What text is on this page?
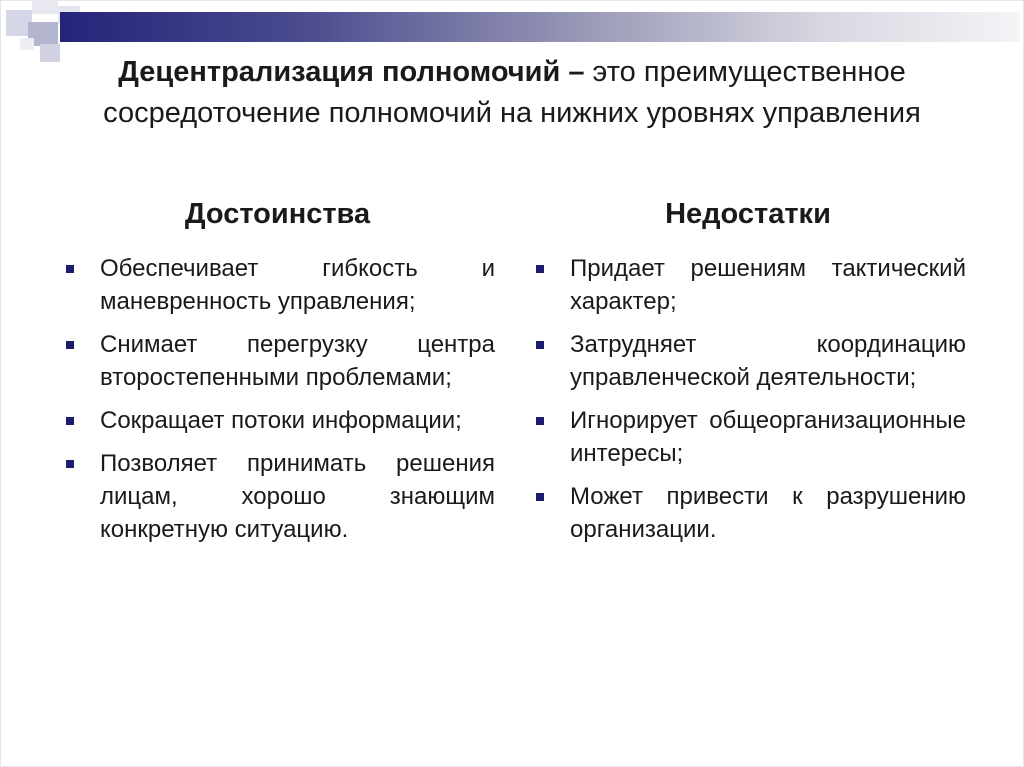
Децентрализация полномочий – это преимущественное сосредоточение полномочий на нижних уровнях управления
Достоинства
Обеспечивает гибкость и маневренность управления;
Снимает перегрузку центра второстепенными проблемами;
Сокращает потоки информации;
Позволяет принимать решения лицам, хорошо знающим конкретную ситуацию.
Недостатки
Придает решениям тактический характер;
Затрудняет координацию управленческой деятельности;
Игнорирует общеорганизационные интересы;
Может привести к разрушению организации.
